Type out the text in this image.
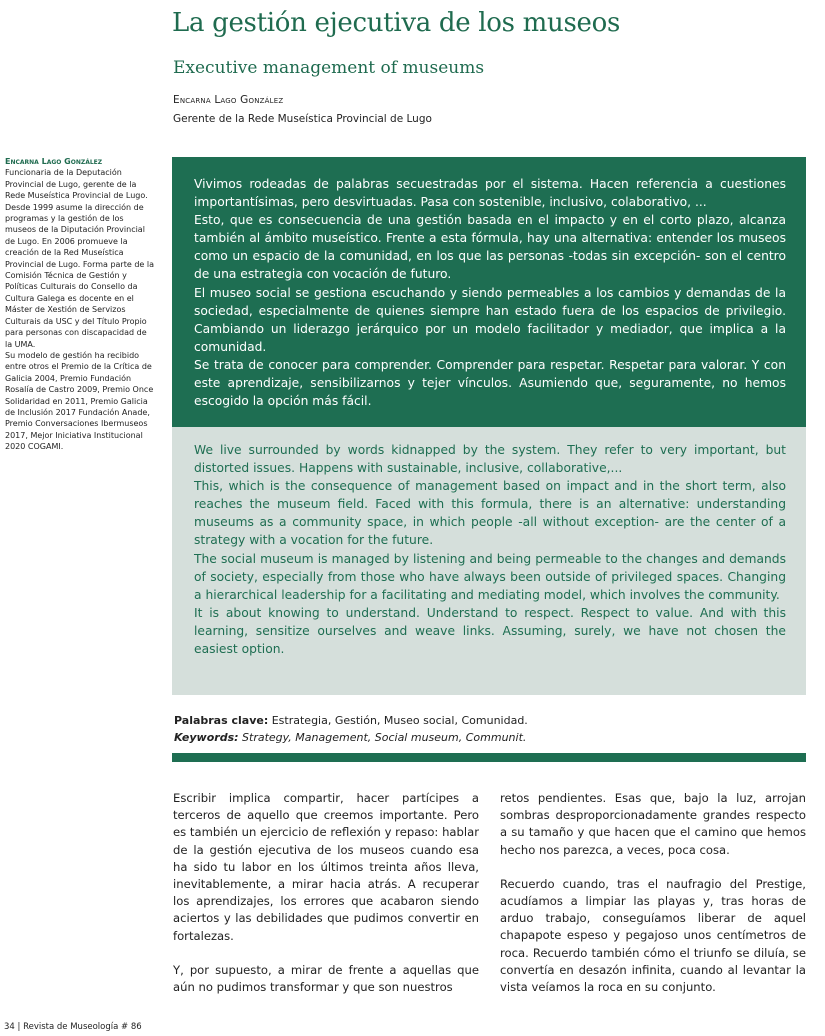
La gestión ejecutiva de los museos
Executive management of museums
Encarna Lago González
Gerente de la Rede Museística Provincial de Lugo
Encarna Lago González

Funcionaria de la Deputación Provincial de Lugo, gerente de la Rede Museística Provincial de Lugo. Desde 1999 asume la dirección de programas y la gestión de los museos de la Diputación Provincial de Lugo. En 2006 promueve la creación de la Red Museística Provincial de Lugo. Forma parte de la Comisión Técnica de Gestión y Políticas Culturais do Consello da Cultura Galega es docente en el Máster de Xestión de Servizos Culturais da USC y del Título Propio para personas con discapacidad de la UMA.

Su modelo de gestión ha recibido entre otros el Premio de la Crítica de Galicia 2004, Premio Fundación Rosalía de Castro 2009, Premio Once Solidaridad en 2011, Premio Galicia de Inclusión 2017 Fundación Anade, Premio Conversaciones Ibermuseos 2017, Mejor Iniciativa Institucional 2020 COGAMI.

Vivimos rodeadas de palabras secuestradas por el sistema. Hacen referencia a cuestiones importantísimas, pero desvirtuadas. Pasa con sostenible, inclusivo, colaborativo, ...

Esto, que es consecuencia de una gestión basada en el impacto y en el corto plazo, alcanza también al ámbito museístico. Frente a esta fórmula, hay una alternativa: entender los museos como un espacio de la comunidad, en los que las personas -todas sin excepción- son el centro de una estrategia con vocación de futuro.

El museo social se gestiona escuchando y siendo permeables a los cambios y demandas de la sociedad, especialmente de quienes siempre han estado fuera de los espacios de privilegio. Cambiando un liderazgo jerárquico por un modelo facilitador y mediador, que implica a la comunidad.

Se trata de conocer para comprender. Comprender para respetar. Respetar para valorar. Y con este aprendizaje, sensibilizarnos y tejer vínculos. Asumiendo que, seguramente, no hemos escogido la opción más fácil.

We live surrounded by words kidnapped by the system. They refer to very important, but distorted issues. Happens with sustainable, inclusive, collaborative,...

This, which is the consequence of management based on impact and in the short term, also reaches the museum field. Faced with this formula, there is an alternative: understanding museums as a community space, in which people -all without exception- are the center of a strategy with a vocation for the future.

The social museum is managed by listening and being permeable to the changes and demands of society, especially from those who have always been outside of privileged spaces. Changing a hierarchical leadership for a facilitating and mediating model, which involves the community.

It is about knowing to understand. Understand to respect. Respect to value. And with this learning, sensitize ourselves and weave links. Assuming, surely, we have not chosen the easiest option.

Palabras clave: Estrategia, Gestión, Museo social, Comunidad.
Keywords: Strategy, Management, Social museum, Communit.

Escribir implica compartir, hacer partícipes a terceros de aquello que creemos importante. Pero es también un ejercicio de reflexión y repaso: hablar de la gestión ejecutiva de los museos cuando esa ha sido tu labor en los últimos treinta años lleva, inevitablemente, a mirar hacia atrás. A recuperar los aprendizajes, los errores que acabaron siendo aciertos y las debilidades que pudimos convertir en fortalezas.

Y, por supuesto, a mirar de frente a aquellas que aún no pudimos transformar y que son nuestros

retos pendientes. Esas que, bajo la luz, arrojan sombras desproporcionadamente grandes respecto a su tamaño y que hacen que el camino que hemos hecho nos parezca, a veces, poca cosa.

Recuerdo cuando, tras el naufragio del Prestige, acudíamos a limpiar las playas y, tras horas de arduo trabajo, conseguíamos liberar de aquel chapapote espeso y pegajoso unos centímetros de roca. Recuerdo también cómo el triunfo se diluía, se convertía en desazón infinita, cuando al levantar la vista veíamos la roca en su conjunto.

34 | Revista de Museología # 86
